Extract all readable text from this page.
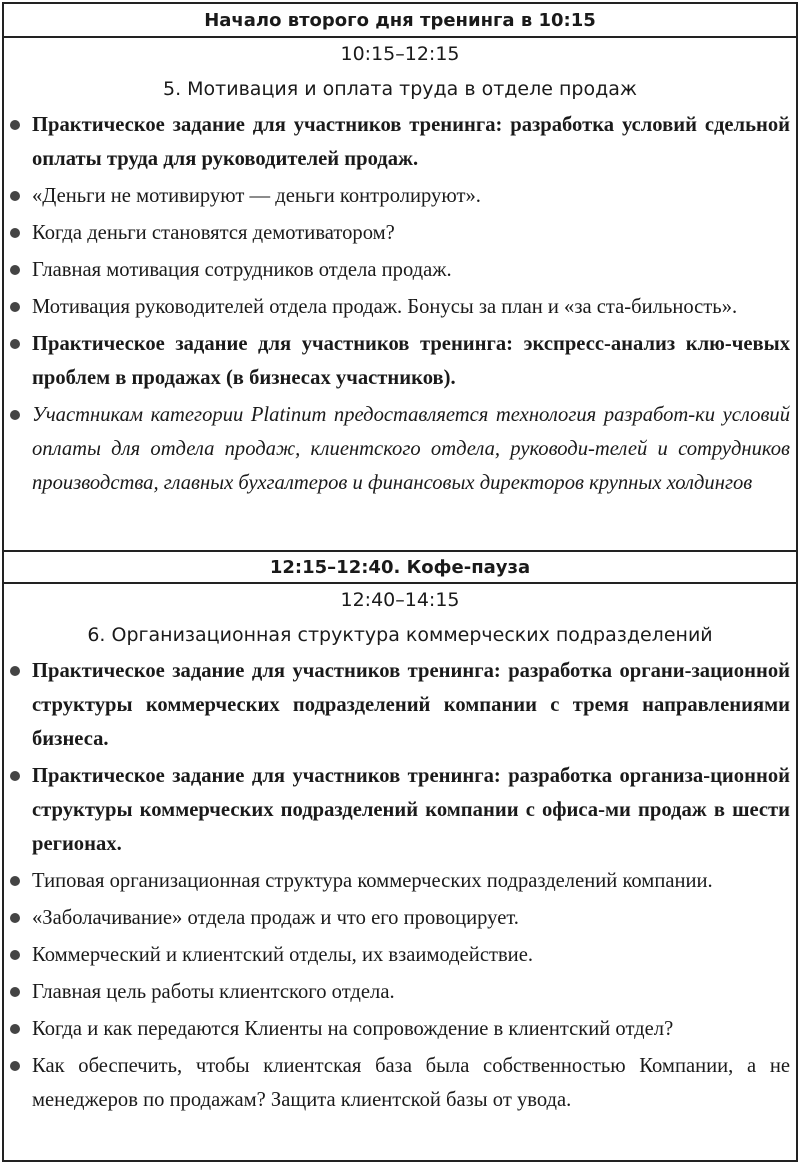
Начало второго дня тренинга в 10:15
10:15–12:15
5. Мотивация и оплата труда в отделе продаж
Практическое задание для участников тренинга: разработка условий сдельной оплаты труда для руководителей продаж.
«Деньги не мотивируют — деньги контролируют».
Когда деньги становятся демотиватором?
Главная мотивация сотрудников отдела продаж.
Мотивация руководителей отдела продаж. Бонусы за план и «за ста-бильность».
Практическое задание для участников тренинга: экспресс-анализ клю-чевых проблем в продажах (в бизнесах участников).
Участникам категории Platinum предоставляется технология разработ-ки условий оплаты для отдела продаж, клиентского отдела, руководи-телей и сотрудников производства, главных бухгалтеров и финансовых директоров крупных холдингов
12:15–12:40. Кофе-пауза
12:40–14:15
6. Организационная структура коммерческих подразделений
Практическое задание для участников тренинга: разработка органи-зационной структуры коммерческих подразделений компании с тремя направлениями бизнеса.
Практическое задание для участников тренинга: разработка организа-ционной структуры коммерческих подразделений компании с офиса-ми продаж в шести регионах.
Типовая организационная структура коммерческих подразделений компании.
«Заболачивание» отдела продаж и что его провоцирует.
Коммерческий и клиентский отделы, их взаимодействие.
Главная цель работы клиентского отдела.
Когда и как передаются Клиенты на сопровождение в клиентский отдел?
Как обеспечить, чтобы клиентская база была собственностью Компании, а не менеджеров по продажам? Защита клиентской базы от увода.
